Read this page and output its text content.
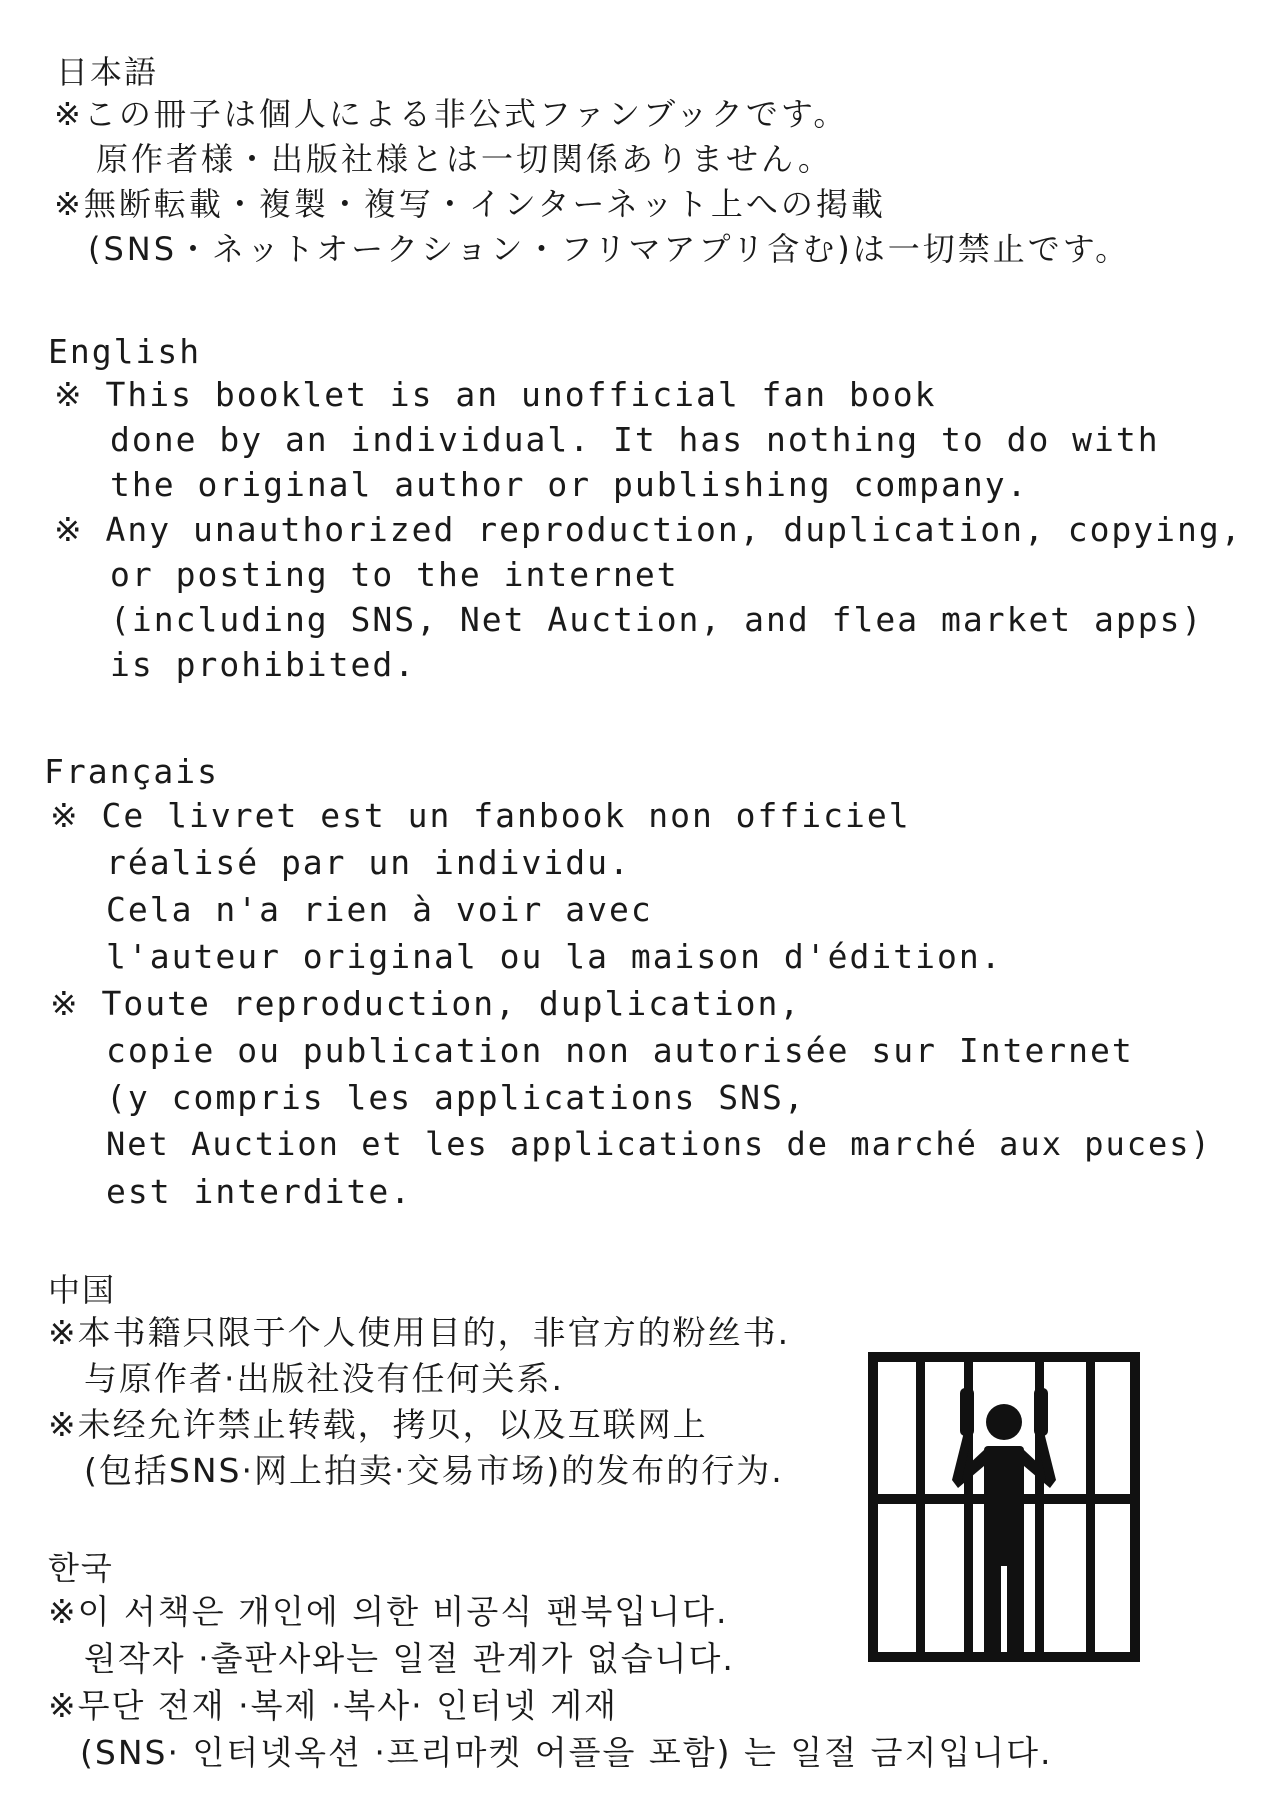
日本語

※この冊子は個人による非公式ファンブックです。

原作者様・出版社様とは一切関係ありません。

※無断転載・複製・複写・インターネット上への掲載

(SNS・ネットオークション・フリマアプリ含む)は一切禁止です。

English

※ This booklet is an unofficial fan book

done by an individual. It has nothing to do with

the original author or publishing company.

※ Any unauthorized reproduction, duplication, copying,

or posting to the internet

(including SNS, Net Auction, and flea market apps)

is prohibited.

Français

※ Ce livret est un fanbook non officiel

réalisé par un individu.

Cela n'a rien à voir avec

l'auteur original ou la maison d'édition.

※ Toute reproduction, duplication,

copie ou publication non autorisée sur Internet

(y compris les applications SNS,

Net Auction et les applications de marché aux puces)

est interdite.

中国

※本书籍只限于个人使用目的，非官方的粉丝书.

与原作者·出版社没有任何关系.

※未经允许禁止转载，拷贝，以及互联网上

(包括SNS·网上拍卖·交易市场)的发布的行为.

한국

※이 서책은 개인에 의한 비공식 팬북입니다.

원작자 ·출판사와는 일절 관계가 없습니다.

※무단 전재 ·복제 ·복사· 인터넷 게재

(SNS· 인터넷옥션 ·프리마켓 어플을 포함) 는 일절 금지입니다.
